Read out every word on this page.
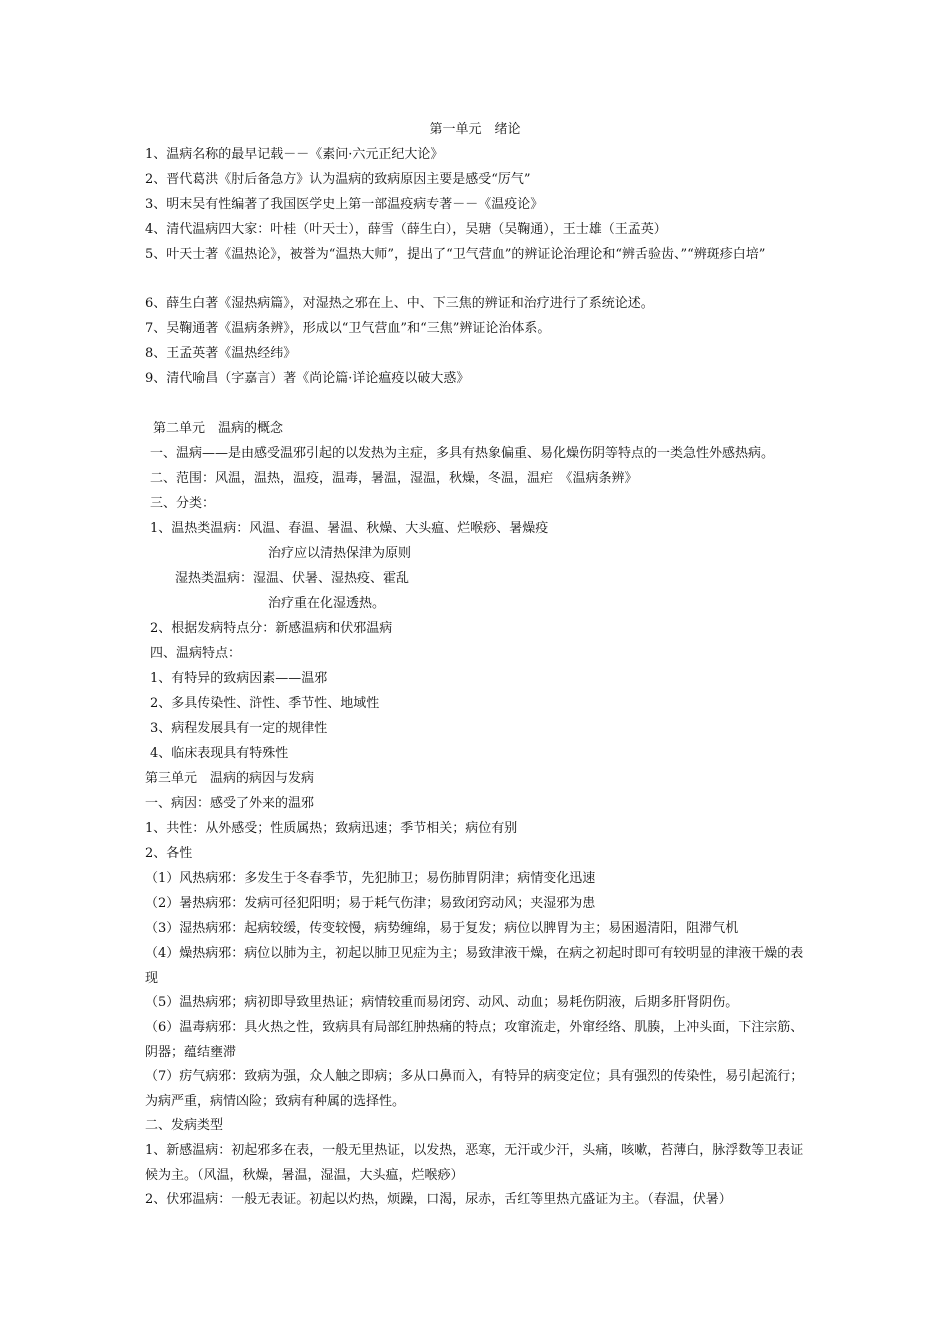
第一单元　绪论
1、温病名称的最早记载－－《素问·六元正纪大论》
2、晋代葛洪《肘后备急方》认为温病的致病原因主要是感受“厉气”
3、明末吴有性编著了我国医学史上第一部温疫病专著－－《温疫论》
4、清代温病四大家：叶桂（叶天士），薛雪（薛生白），吴瑭（吴鞠通），王士雄（王孟英）
5、叶天士著《温热论》，被誉为“温热大师”，提出了“卫气营血”的辨证论治理论和“辨舌验齿、”“辨斑疹白培”
6、薛生白著《湿热病篇》，对湿热之邪在上、中、下三焦的辨证和治疗进行了系统论述。
7、吴鞠通著《温病条辨》，形成以“卫气营血”和“三焦”辨证论治体系。
8、王孟英著《温热经纬》
9、清代喻昌（字嘉言）著《尚论篇·详论瘟疫以破大惑》
第二单元　温病的概念
一、温病——是由感受温邪引起的以发热为主症，多具有热象偏重、易化燥伤阴等特点的一类急性外感热病。
二、范围：风温，温热，温疫，温毒，暑温，湿温，秋燥，冬温，温疟　《温病条辨》
三、分类：
1、温热类温病：风温、春温、暑温、秋燥、大头瘟、烂喉痧、暑燥疫
治疗应以清热保津为原则
湿热类温病：湿温、伏暑、湿热疫、霍乱
治疗重在化湿透热。
2、根据发病特点分：新感温病和伏邪温病
四、温病特点：
1、有特异的致病因素——温邪
2、多具传染性、浒性、季节性、地域性
3、病程发展具有一定的规律性
4、临床表现具有特殊性
第三单元　温病的病因与发病
一、病因：感受了外来的温邪
1、共性：从外感受；性质属热；致病迅速；季节相关；病位有别
2、各性
（1）风热病邪：多发生于冬春季节，先犯肺卫；易伤肺胃阴津；病情变化迅速
（2）暑热病邪：发病可径犯阳明；易于耗气伤津；易致闭窍动风；夹湿邪为患
（3）湿热病邪：起病较缓，传变较慢，病势缠绵，易于复发；病位以脾胃为主；易困遏清阳，阻滞气机
（4）燥热病邪：病位以肺为主，初起以肺卫见症为主；易致津液干燥，在病之初起时即可有较明显的津液干燥的表现
（5）温热病邪；病初即导致里热证；病情较重而易闭窍、动风、动血；易耗伤阴液，后期多肝肾阴伤。
（6）温毒病邪：具火热之性，致病具有局部红肿热痛的特点；攻窜流走，外窜经络、肌腠，上冲头面，下注宗筋、阴器；蕴结壅滞
（7）疠气病邪：致病为强，众人触之即病；多从口鼻而入，有特异的病变定位；具有强烈的传染性，易引起流行；为病严重，病情凶险；致病有种属的选择性。
二、发病类型
1、新感温病：初起邪多在表，一般无里热证，以发热，恶寒，无汗或少汗，头痛，咳嗽，苔薄白，脉浮数等卫表证候为主。（风温，秋燥，暑温，湿温，大头瘟，烂喉痧）
2、伏邪温病：一般无表证。初起以灼热，烦躁，口渴，尿赤，舌红等里热亢盛证为主。（春温，伏暑）
